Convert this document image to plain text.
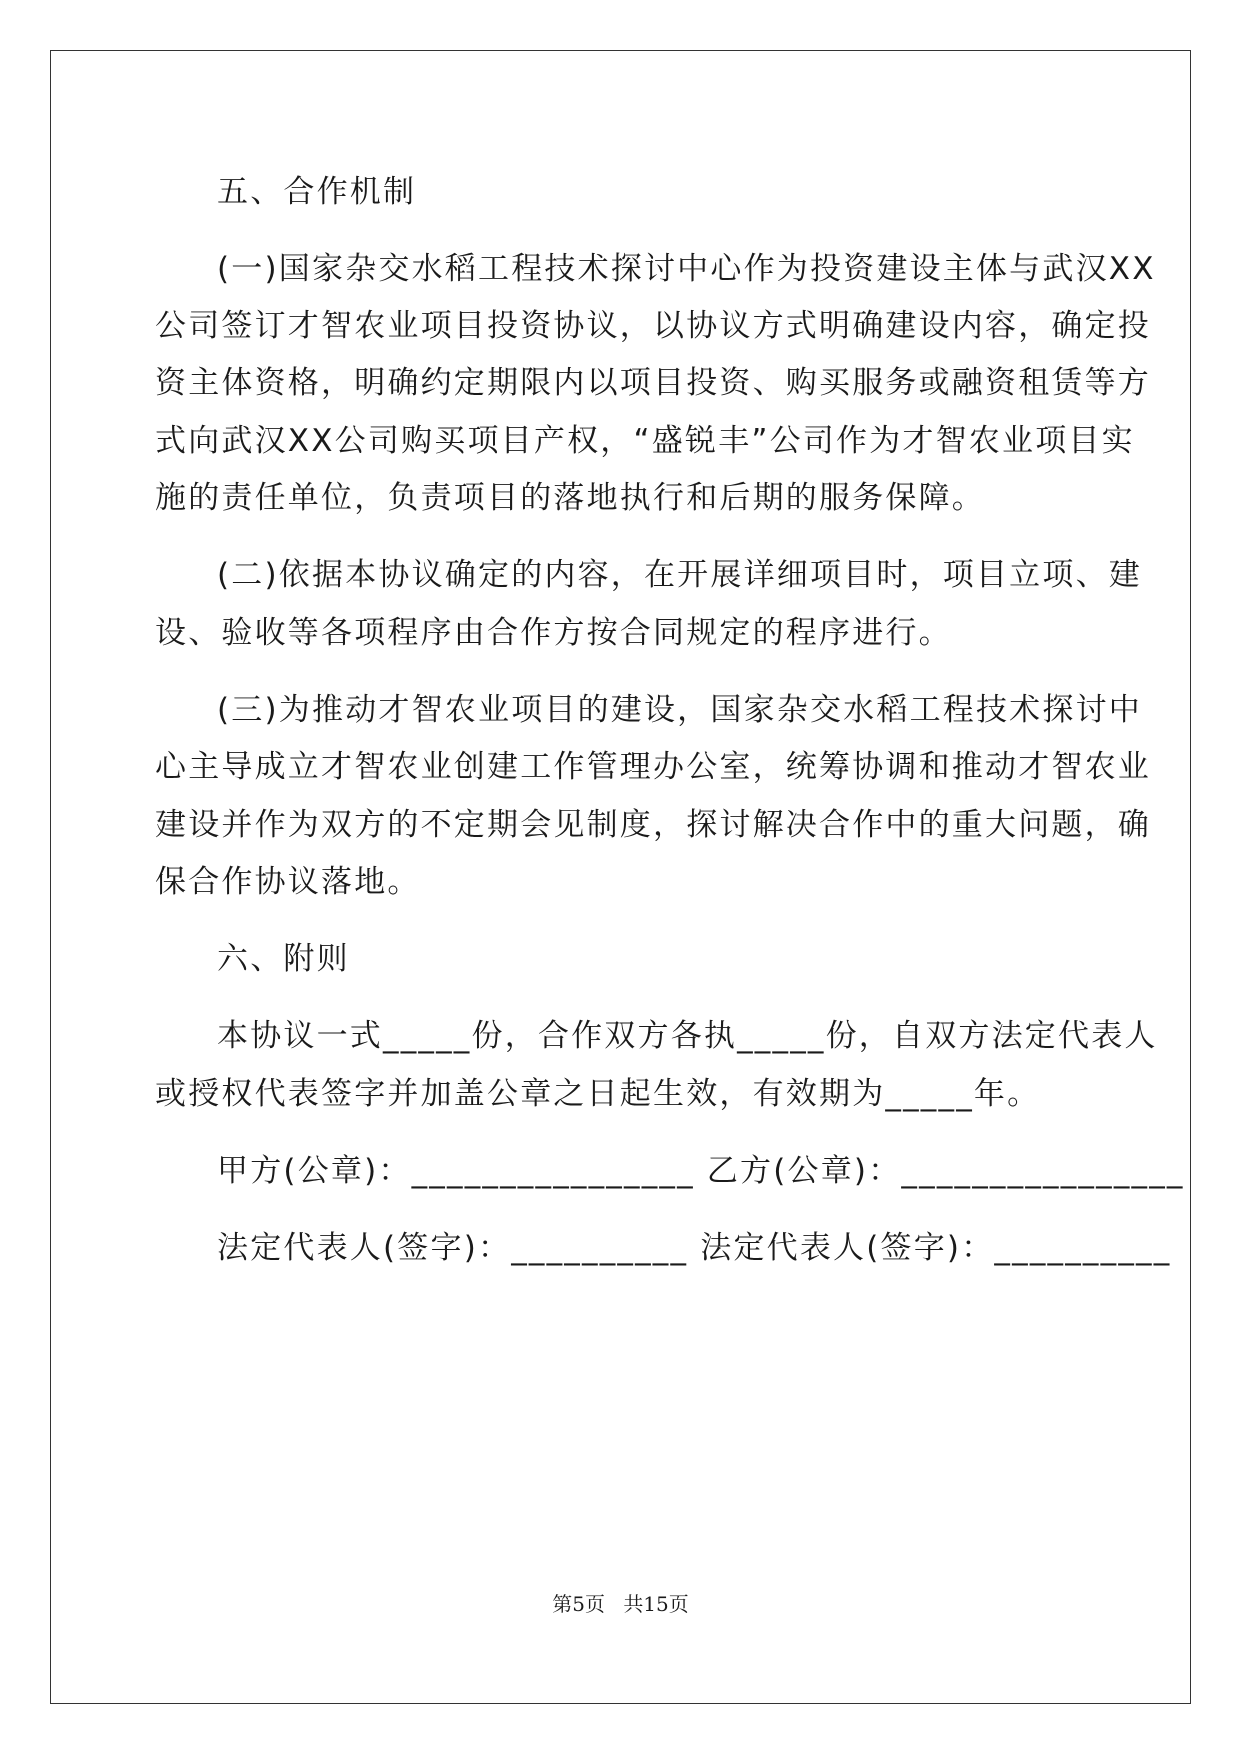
五、合作机制

(一)国家杂交水稻工程技术探讨中心作为投资建设主体与武汉XX

公司签订才智农业项目投资协议，以协议方式明确建设内容，确定投

资主体资格，明确约定期限内以项目投资、购买服务或融资租赁等方

式向武汉XX公司购买项目产权，“盛锐丰”公司作为才智农业项目实

施的责任单位，负责项目的落地执行和后期的服务保障。

(二)依据本协议确定的内容，在开展详细项目时，项目立项、建

设、验收等各项程序由合作方按合同规定的程序进行。

(三)为推动才智农业项目的建设，国家杂交水稻工程技术探讨中

心主导成立才智农业创建工作管理办公室，统筹协调和推动才智农业

建设并作为双方的不定期会见制度，探讨解决合作中的重大问题，确

保合作协议落地。

六、附则

本协议一式_____份，合作双方各执_____份，自双方法定代表人

或授权代表签字并加盖公章之日起生效，有效期为_____年。

甲方(公章)：________________ 乙方(公章)：________________

法定代表人(签字)：__________ 法定代表人(签字)：__________

第5页 共15页
